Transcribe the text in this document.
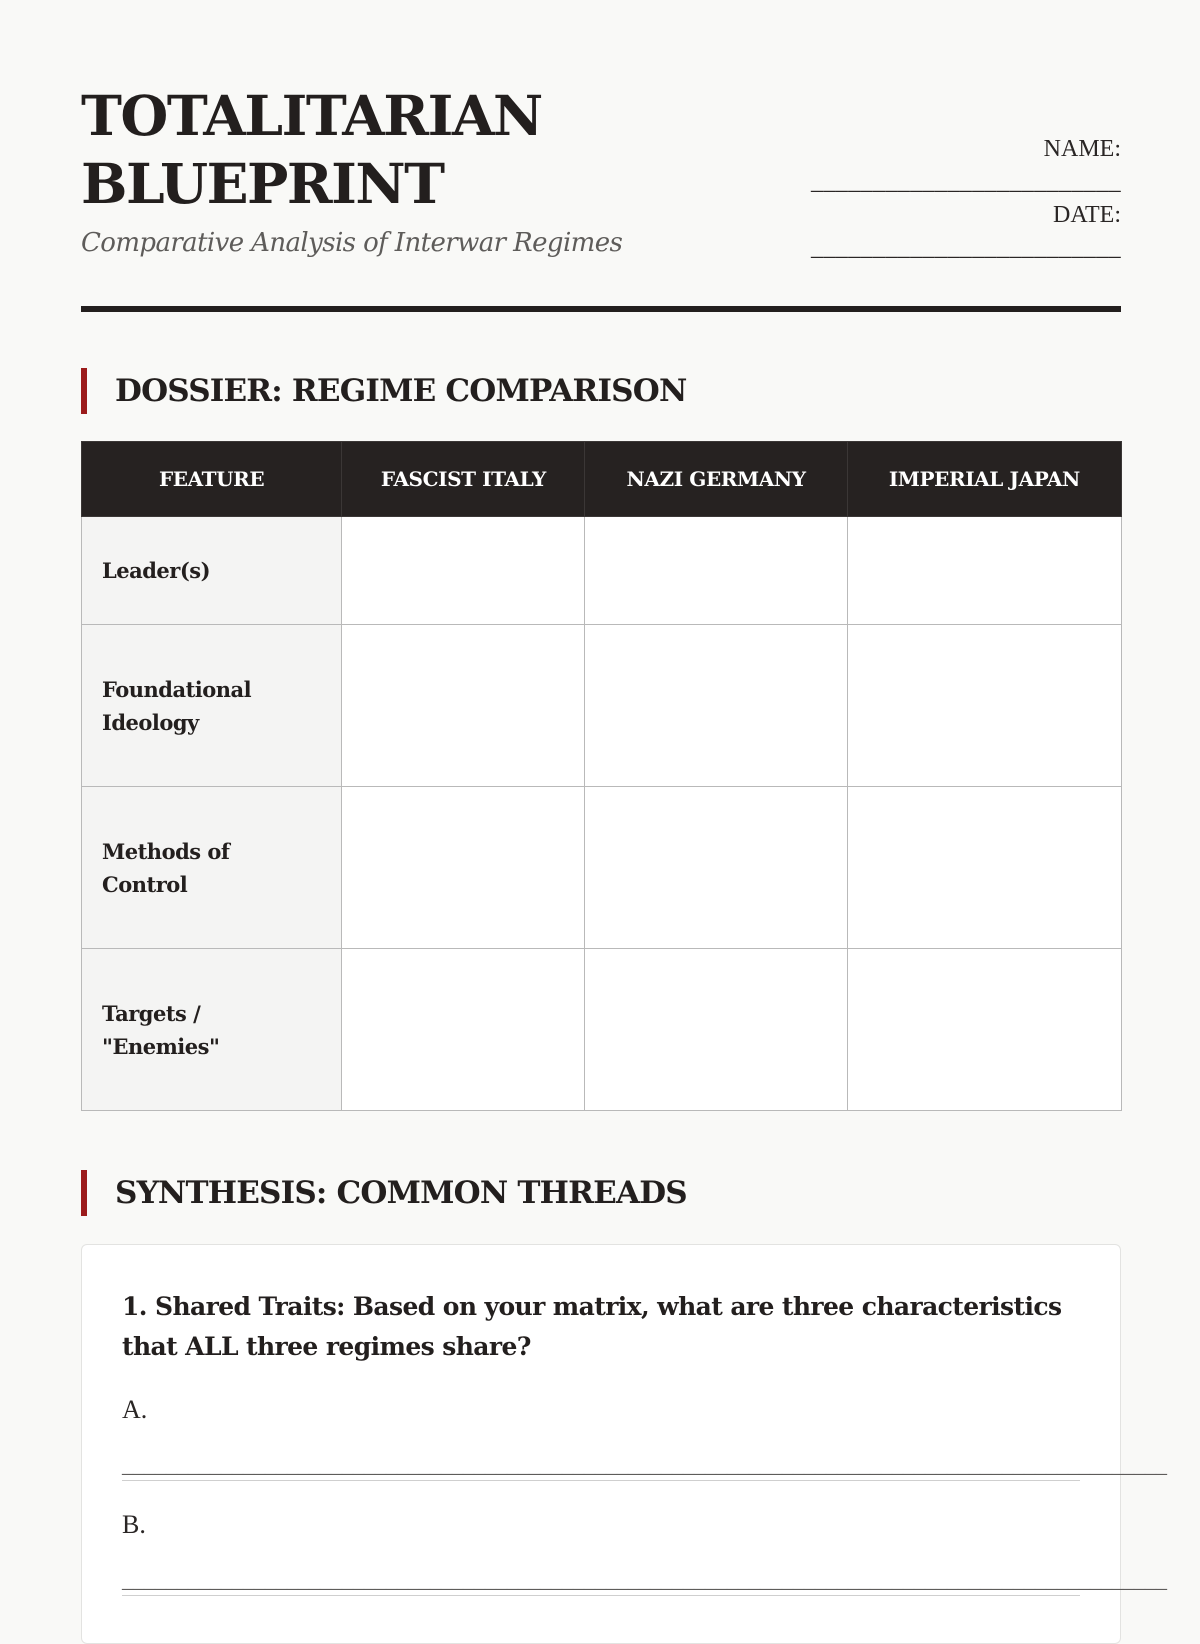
TOTALITARIAN
BLUEPRINT

Comparative Analysis of Interwar Regimes

NAME:
_________________________
DATE:
_________________________
DOSSIER: REGIME COMPARISON
FEATURE	FASCIST ITALY	NAZI GERMANY	IMPERIAL JAPAN
Leader(s)			
Foundational Ideology			
Methods of Control			
Targets / "Enemies"			
SYNTHESIS: COMMON THREADS

1. Shared Traits: Based on your matrix, what are three characteristics that ALL three regimes share?

A.
_______________________________________________________________________________________________
B.
_______________________________________________________________________________________________
